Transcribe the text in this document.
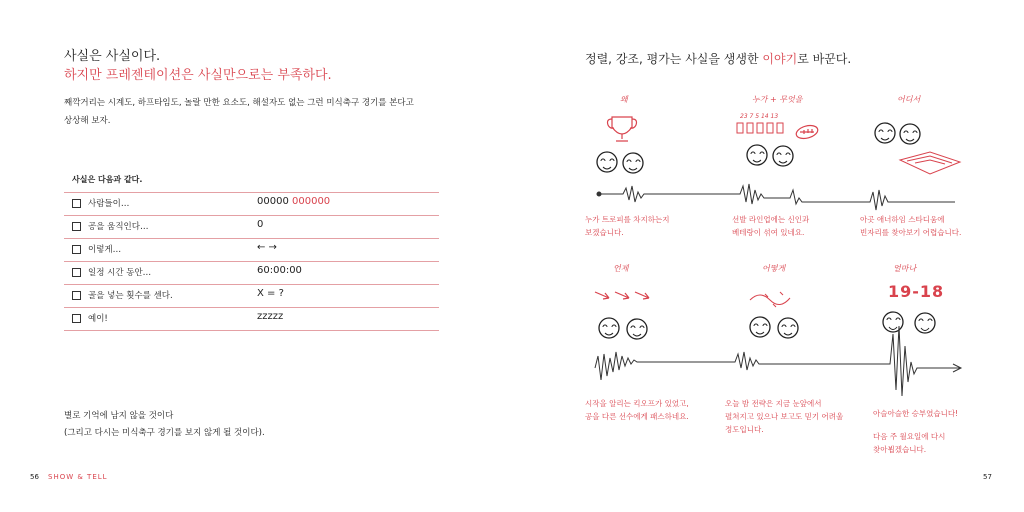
사실은 사실이다.
하지만 프레젠테이션은 사실만으로는 부족하다.
째깍거리는 시계도, 하프타임도, 놀랄 만한 요소도, 해설자도 없는 그런 미식축구 경기를 본다고
상상해 보자.
사실은 다음과 같다.
사람들이…	00000 000000
공을 움직인다…	0
이렇게…	← →
일정 시간 동안…	60:00:00
골을 넣는 횟수를 센다.	X = ?
예이!	zzzzz
별로 기억에 남지 않을 것이다
(그리고 다시는 미식축구 경기를 보지 않게 될 것이다).
56 SHOW & TELL
정렬, 강조, 평가는 사실을 생생한 이야기로 바꾼다.
왜	누가 + 무엇을	어디서
23 7 5 14 13
누가 트로피를 차지하는지
보겠습니다.
선발 라인업에는 신인과
베테랑이 섞여 있네요.
아곳 애너하임 스타디움에
빈자리를 찾아보기 어렵습니다.
언제	어떻게	얼마나
19-18
시작을 알리는 킥오프가 있었고,
공을 다른 선수에게 패스하네요.
오늘 밤 전략은 지금 눈앞에서
펼쳐지고 있으나 보고도 믿기 어려울
정도입니다.
아슬아슬한 승부였습니다!
다음 주 월요일에 다시
찾아뵙겠습니다.
57
